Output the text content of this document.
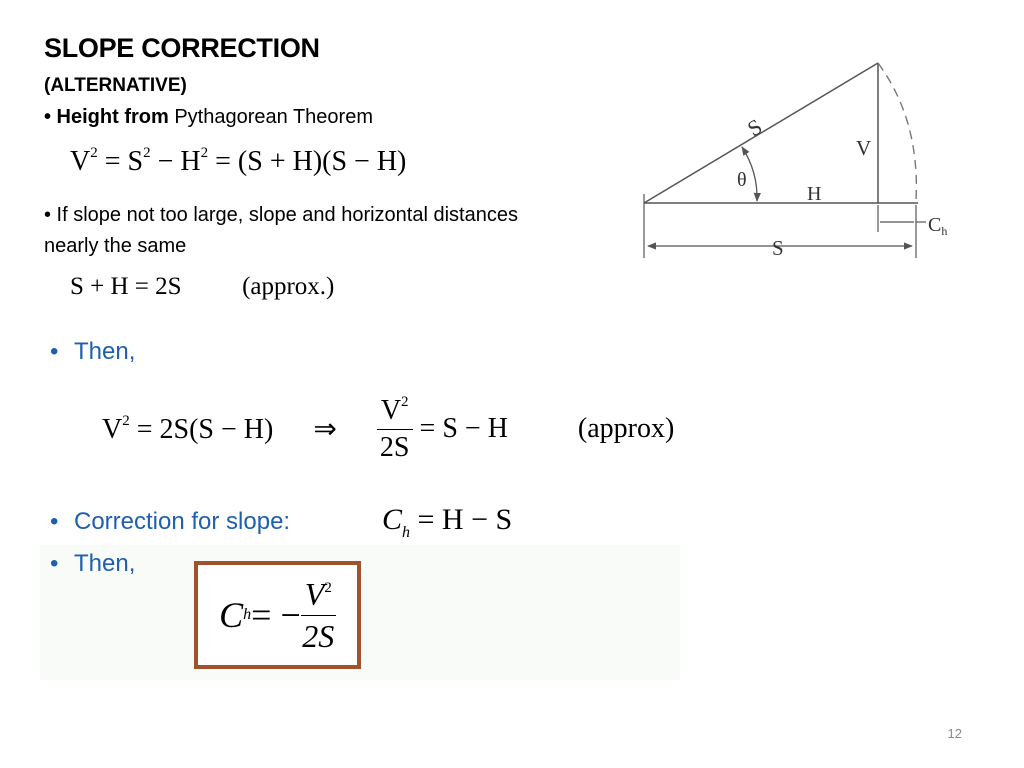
SLOPE CORRECTION
(ALTERNATIVE)
• Height from Pythagorean Theorem
$V^2 = S^2 - H^2 = (S + H)(S - H)$
• If slope not too large, slope and horizontal distances nearly the same
S + H = 2S (approx.)
• Then,
$V^2 = 2S(S - H)$ ⇒ $\frac{V^2}{2S} = S - H$	(approx)
• Correction for slope:	$C_h = H - S$
• Then,
C h = − $\frac{V^2}{2S}$
S
θ
V
H
$C_h$
S
12
